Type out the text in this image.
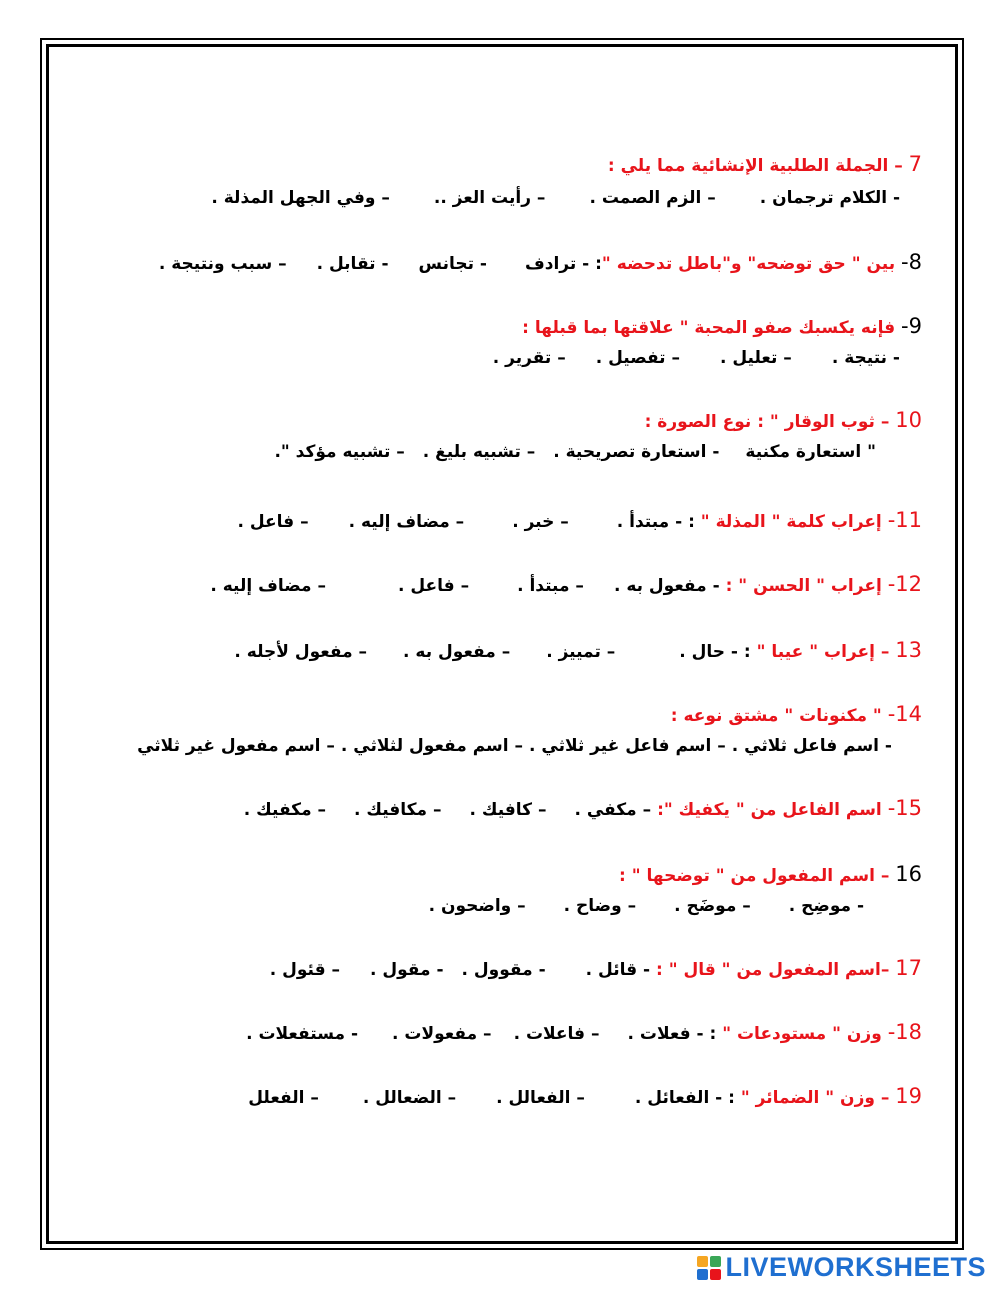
7 – الجملة الطلبية الإنشائية مما يلي :
- الكلام ترجمان .– الزم الصمت .– رأيت العز ..– وفي الجهل المذلة .
8- بين " حق توضحه" و"باطل تدحضه ": - ترادف- تجانس- تقابل .– سبب ونتيجة .
9- فإنه يكسبك صفو المحبة " علاقتها بما قبلها :
- نتيجة .– تعليل .– تفصيل .– تقرير .
10 – ثوب الوقار " : نوع الصورة :
" استعارة مكنية- استعارة تصريحية .– تشبيه بليغ .– تشبيه مؤكد ".
11- إعراب كلمة " المذلة " : - مبتدأ .– خبر .– مضاف إليه .– فاعل .
12- إعراب " الحسن " : - مفعول به .– مبتدأ .– فاعل .– مضاف إليه .
13 – إعراب " عيبا " : - حال .– تمييز .– مفعول به .– مفعول لأجله .
14- " مكنونات " مشتق نوعه :
- اسم فاعل ثلاثي .– اسم فاعل غير ثلاثي .– اسم مفعول لثلاثي .– اسم مفعول غير ثلاثي
15- اسم الفاعل من " يكفيك ": – مكفي .– كافيك .– مكافيك .– مكفيك .
16 – اسم المفعول من " توضحها " :
- موضِح .– موضَح .– وضاح .– واضحون .
17 –اسم المفعول من " قال " : - قائل .- مقوول .- مقول .– قئول .
18- وزن " مستودعات " : - فعلات .– فاعلات .– مفعولات .- مستفعلات .
19 – وزن " الضمائر " : - الفعائل .– الفعالل .– الضعالل .– الفعلل
LIVEWORKSHEETS
